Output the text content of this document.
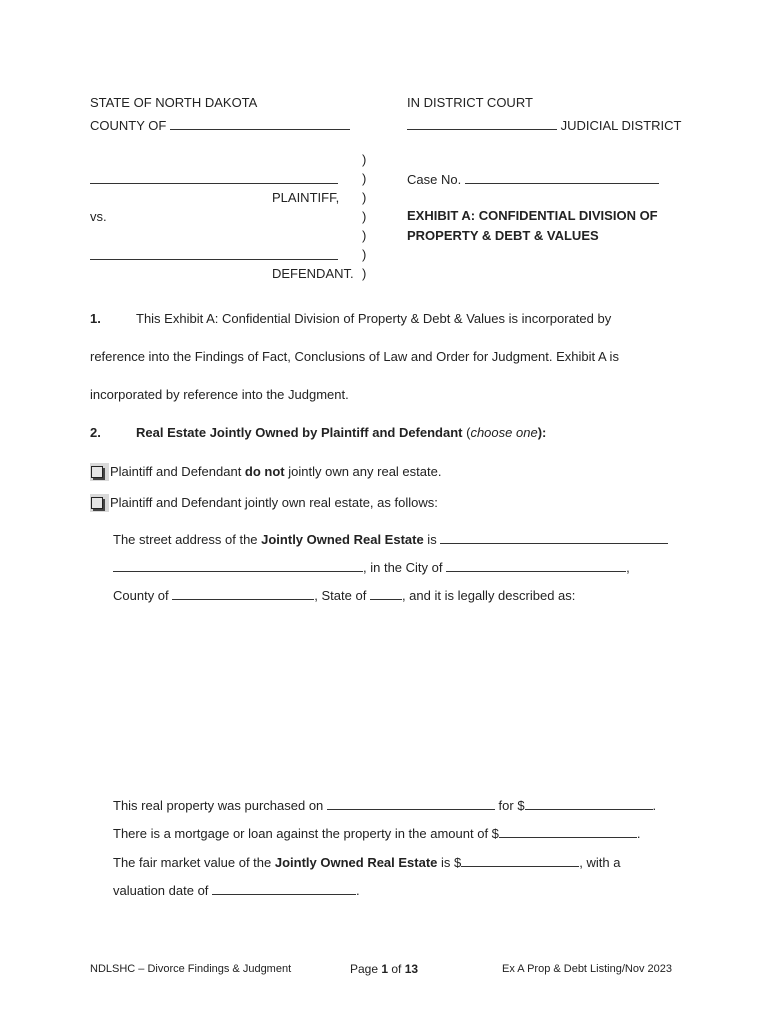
STATE OF NORTH DAKOTA	IN DISTRICT COURT
COUNTY OF	JUDICIAL DISTRICT
)
)
)
)
)
)
)
PLAINTIFF,
vs.
DEFENDANT.
Case No.
EXHIBIT A: CONFIDENTIAL DIVISION OF
PROPERTY & DEBT & VALUES
1.	This Exhibit A: Confidential Division of Property & Debt & Values is incorporated by
reference into the Findings of Fact, Conclusions of Law and Order for Judgment. Exhibit A is
incorporated by reference into the Judgment.
2.	Real Estate Jointly Owned by Plaintiff and Defendant (choose one):
Plaintiff and Defendant do not jointly own any real estate.
Plaintiff and Defendant jointly own real estate, as follows:
The street address of the Jointly Owned Real Estate is
, in the City of	,
County of	, State of	, and it is legally described as:
This real property was purchased on	for $	.
There is a mortgage or loan against the property in the amount of $	.
The fair market value of the Jointly Owned Real Estate is $	, with a
valuation date of	.
NDLSHC – Divorce Findings & Judgment	Page 1 of 13	Ex A Prop & Debt Listing/Nov 2023
